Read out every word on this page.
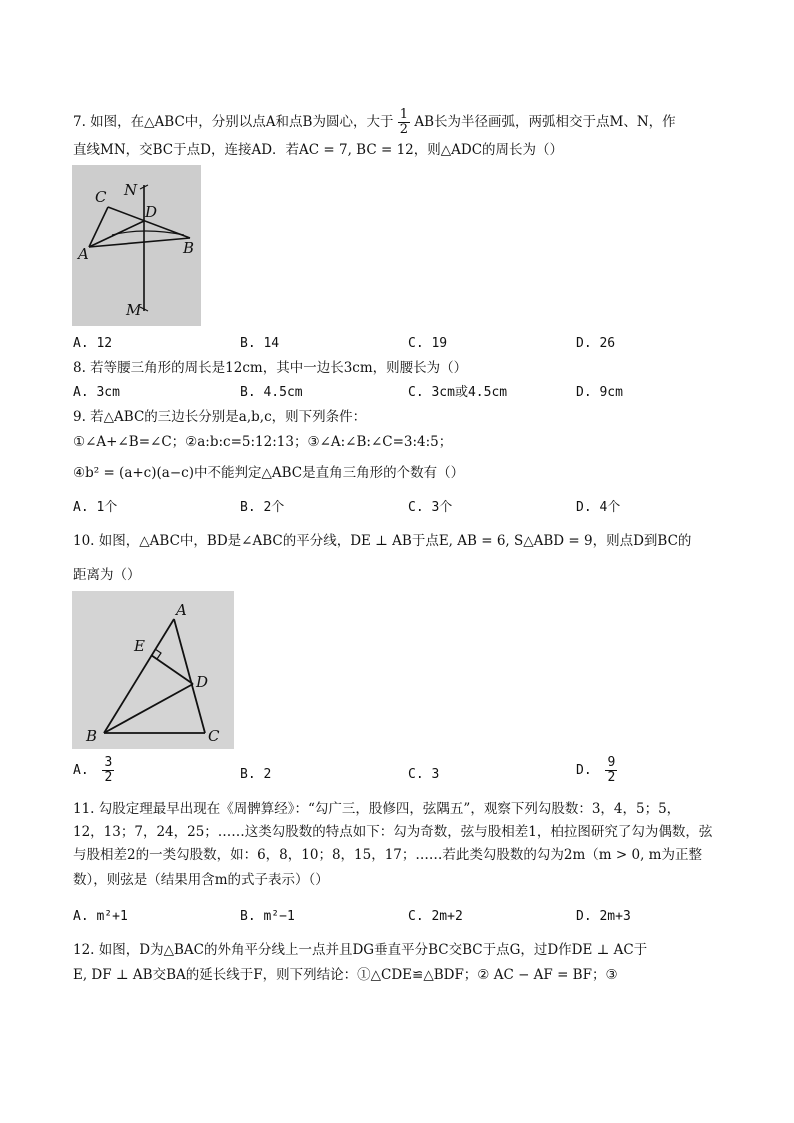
7. 如图，在△ABC中，分别以点A和点B为圆心，大于 $\frac{1}{2}$ AB长为半径画弧，两弧相交于点M、N，作
直线MN，交BC于点D，连接AD．若AC = 7, BC = 12，则△ADC的周长为（）
C N
D
A	B
M
A. 12	B. 14	C. 19	D. 26
8. 若等腰三角形的周长是12cm，其中一边长3cm，则腰长为（）
A. 3cm	B. 4.5cm	C. 3cm或4.5cm	D. 9cm
9. 若△ABC的三边长分别是a,b,c，则下列条件：
①∠A+∠B=∠C；②a:b:c=5:12:13；③∠A:∠B:∠C=3:4:5；
④b² = (a+c)(a−c)中不能判定△ABC是直角三角形的个数有（）
A. 1个	B. 2个	C. 3个	D. 4个
10. 如图，△ABC中，BD是∠ABC的平分线，DE ⊥ AB于点E, AB = 6, S△ABD = 9，则点D到BC的
距离为（）
A
E
D
B	C
A. $\frac{3}{2}$	B. 2	C. 3	D. $\frac{9}{2}$
11. 勾股定理最早出现在《周髀算经》：“勾广三，股修四，弦隅五”，观察下列勾股数：3，4，5；5，
12，13；7，24，25；……这类勾股数的特点如下：勾为奇数，弦与股相差1，柏拉图研究了勾为偶数，弦
与股相差2的一类勾股数，如：6，8，10；8，15，17；……若此类勾股数的勾为2m（m > 0, m为正整
数），则弦是（结果用含m的式子表示）（）
A. m²+1	B. m²−1	C. 2m+2	D. 2m+3
12. 如图，D为△BAC的外角平分线上一点并且DG垂直平分BC交BC于点G，过D作DE ⊥ AC于
E, DF ⊥ AB交BA的延长线于F，则下列结论：①△CDE≌△BDF；② AC − AF = BF；③
